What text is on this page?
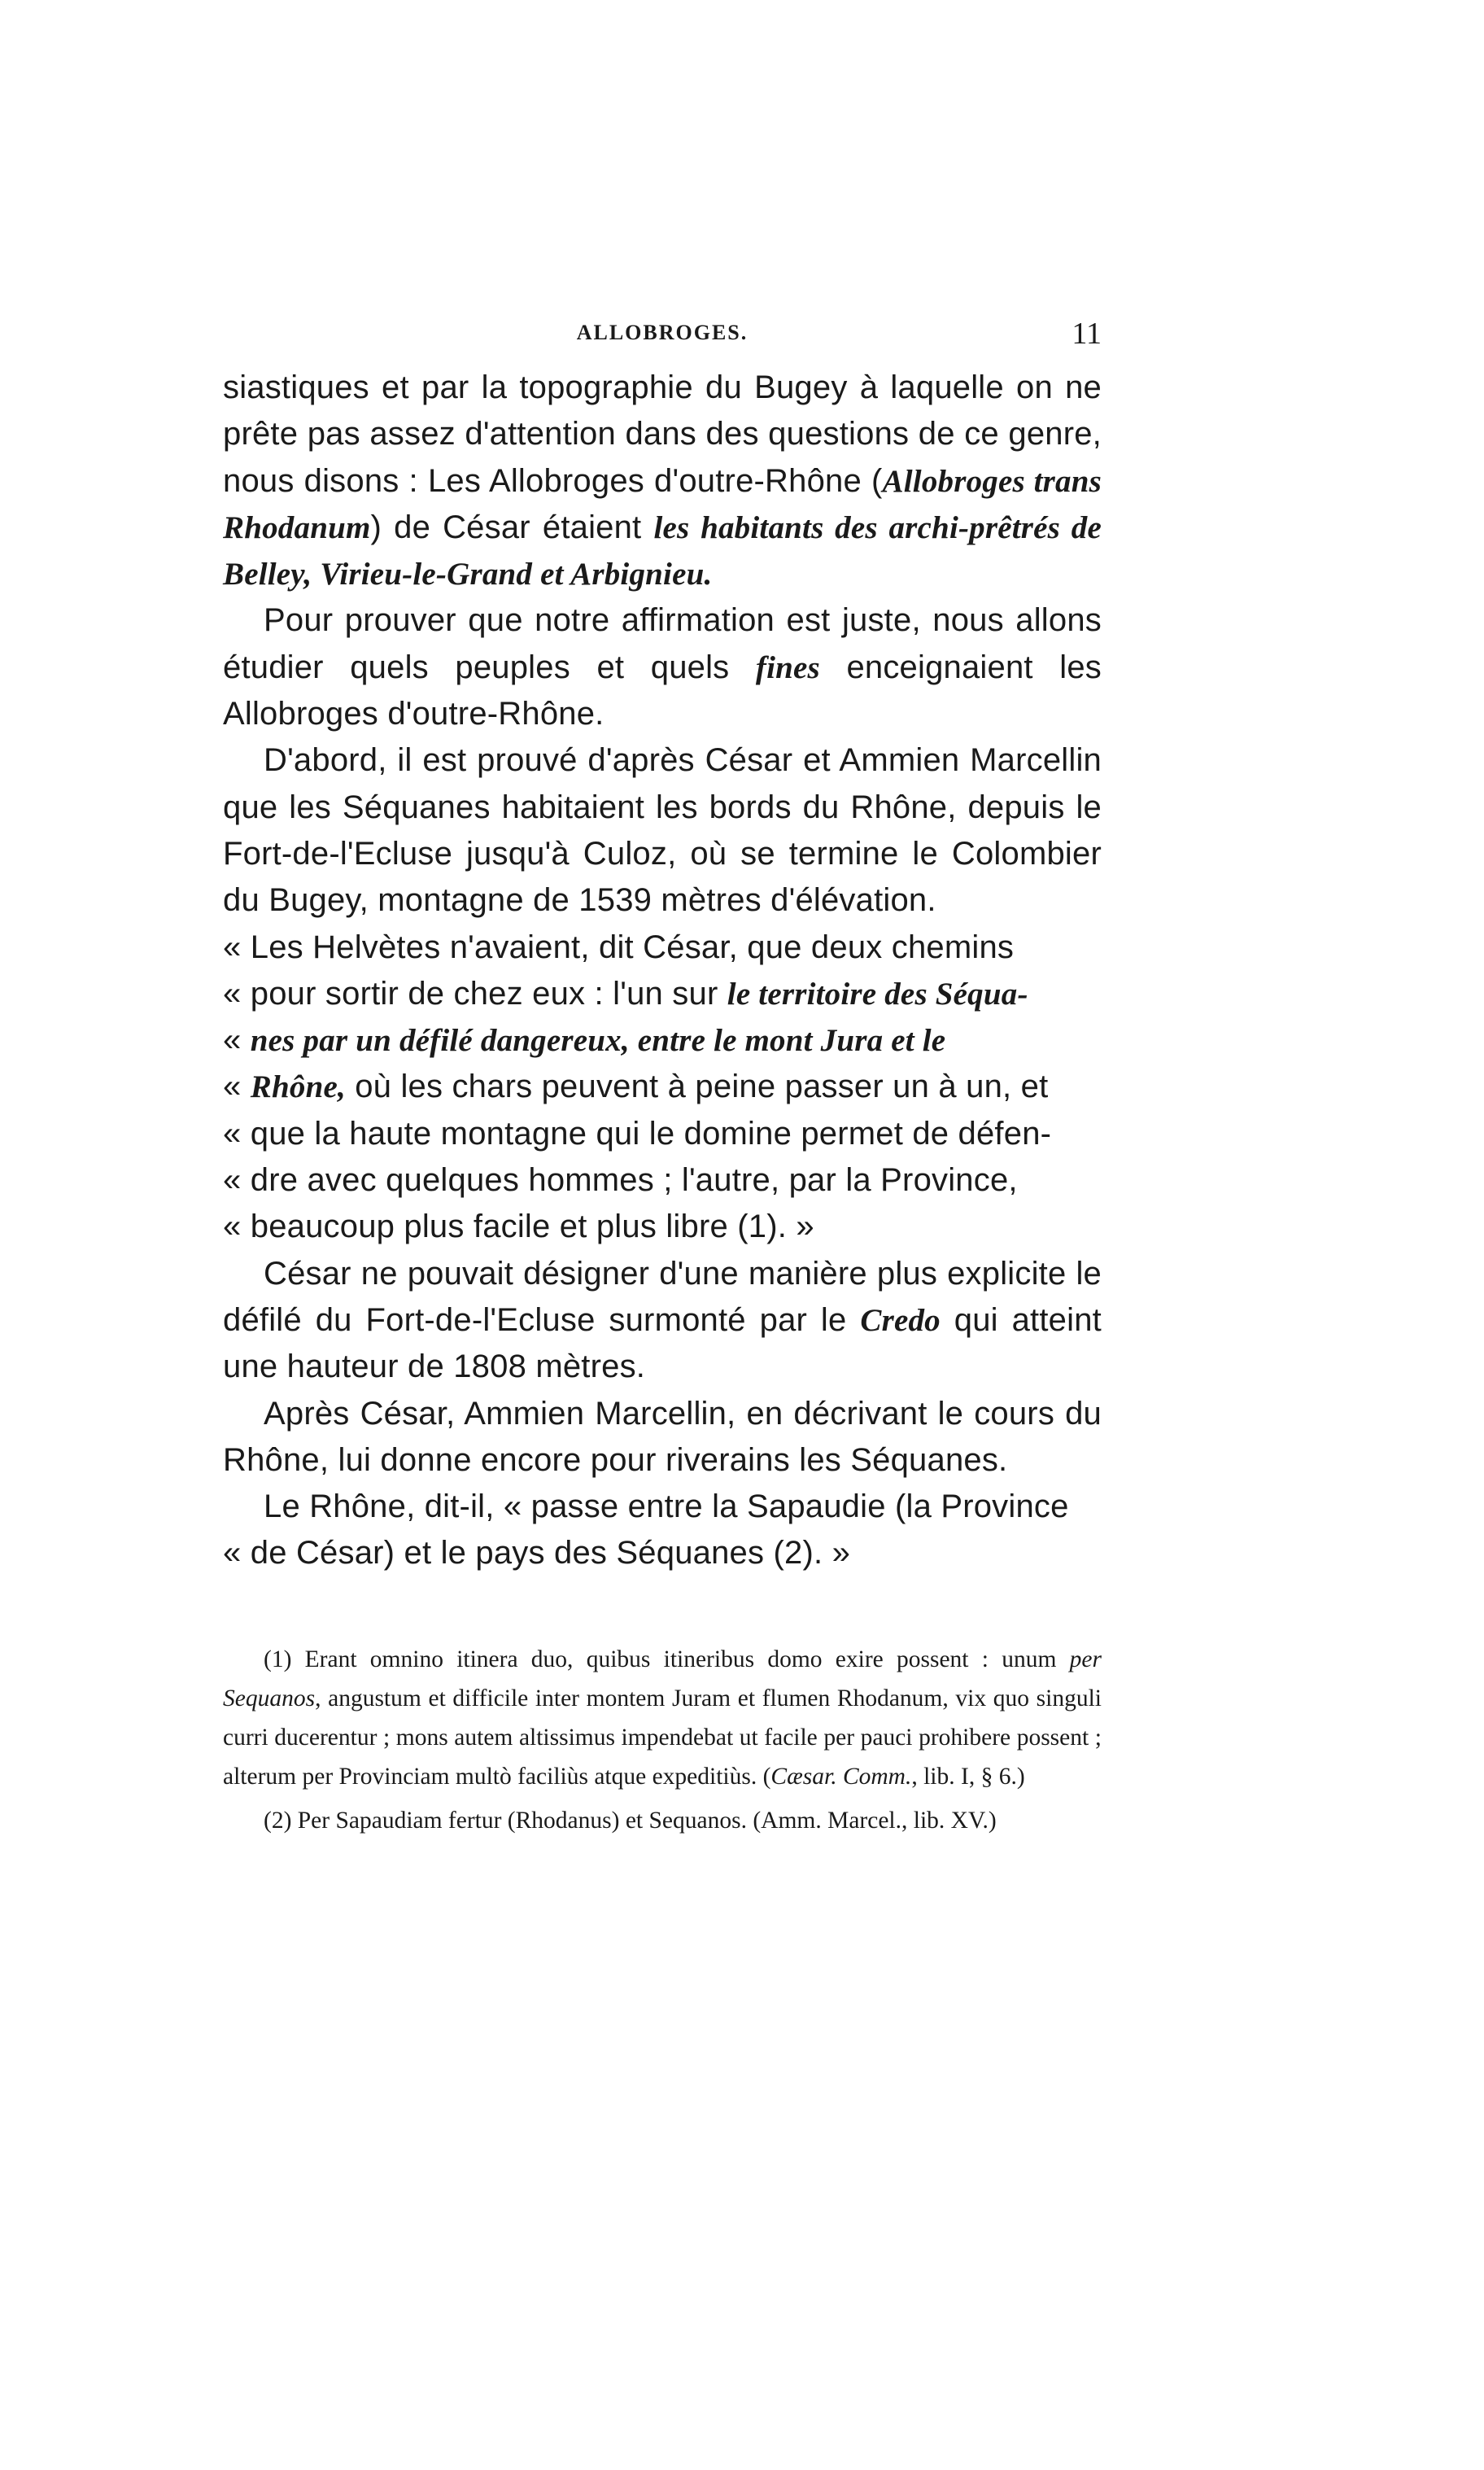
ALLOBROGES.	11

siastiques et par la topographie du Bugey à laquelle on ne prête pas assez d'attention dans des questions de ce genre, nous disons : Les Allobroges d'outre-Rhône (Allobroges trans Rhodanum) de César étaient les habitants des archi-prêtrés de Belley, Virieu-le-Grand et Arbignieu.

Pour prouver que notre affirmation est juste, nous allons étudier quels peuples et quels fines enceignaient les Allobroges d'outre-Rhône.

D'abord, il est prouvé d'après César et Ammien Marcellin que les Séquanes habitaient les bords du Rhône, depuis le Fort-de-l'Ecluse jusqu'à Culoz, où se termine le Colombier du Bugey, montagne de 1539 mètres d'élévation.

« Les Helvètes n'avaient, dit César, que deux chemins

« pour sortir de chez eux : l'un sur le territoire des Séqua-

« nes par un défilé dangereux, entre le mont Jura et le

« Rhône, où les chars peuvent à peine passer un à un, et

« que la haute montagne qui le domine permet de défen-

« dre avec quelques hommes ; l'autre, par la Province,

« beaucoup plus facile et plus libre (1). »

César ne pouvait désigner d'une manière plus explicite le défilé du Fort-de-l'Ecluse surmonté par le Credo qui atteint une hauteur de 1808 mètres.

Après César, Ammien Marcellin, en décrivant le cours du Rhône, lui donne encore pour riverains les Séquanes.

Le Rhône, dit-il, « passe entre la Sapaudie (la Province

« de César) et le pays des Séquanes (2). »

(1) Erant omnino itinera duo, quibus itineribus domo exire possent : unum per Sequanos, angustum et difficile inter montem Juram et flumen Rhodanum, vix quo singuli curri ducerentur ; mons autem altissimus impendebat ut facile per pauci prohibere possent ; alterum per Provinciam multò faciliùs atque expeditiùs. (Cæsar. Comm., lib. I, § 6.)

(2) Per Sapaudiam fertur (Rhodanus) et Sequanos. (Amm. Marcel., lib. XV.)
